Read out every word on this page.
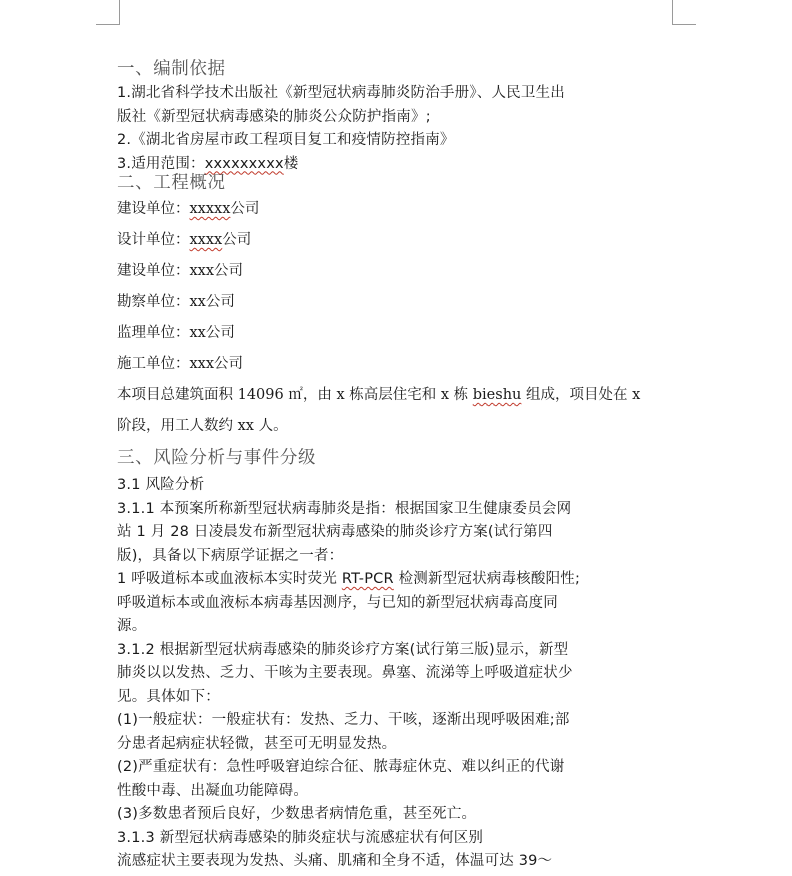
一、编制依据
1.湖北省科学技术出版社《新型冠状病毒肺炎防治手册》、人民卫生出
版社《新型冠状病毒感染的肺炎公众防护指南》;
2.《湖北省房屋市政工程项目复工和疫情防控指南》
3.适用范围：xxxxxxxxx楼
二、工程概况
建设单位：xxxxx公司
设计单位：xxxx公司
建设单位：xxx公司
勘察单位：xx公司
监理单位：xx公司
施工单位：xxx公司
本项目总建筑面积 14096 ㎡，由 x 栋高层住宅和 x 栋 bieshu 组成，项目处在 x
阶段，用工人数约 xx 人。
三、风险分析与事件分级
3.1 风险分析
3.1.1 本预案所称新型冠状病毒肺炎是指：根据国家卫生健康委员会网
站 1 月 28 日凌晨发布新型冠状病毒感染的肺炎诊疗方案(试行第四
版)，具备以下病原学证据之一者：
1 呼吸道标本或血液标本实时荧光 RT-PCR 检测新型冠状病毒核酸阳性;
呼吸道标本或血液标本病毒基因测序，与已知的新型冠状病毒高度同
源。
3.1.2 根据新型冠状病毒感染的肺炎诊疗方案(试行第三版)显示，新型
肺炎以以发热、乏力、干咳为主要表现。鼻塞、流涕等上呼吸道症状少
见。具体如下：
(1)一般症状：一般症状有：发热、乏力、干咳，逐渐出现呼吸困难;部
分患者起病症状轻微，甚至可无明显发热。
(2)严重症状有：急性呼吸窘迫综合征、脓毒症休克、难以纠正的代谢
性酸中毒、出凝血功能障碍。
(3)多数患者预后良好，少数患者病情危重，甚至死亡。
3.1.3 新型冠状病毒感染的肺炎症状与流感症状有何区别
流感症状主要表现为发热、头痛、肌痛和全身不适，体温可达 39～
